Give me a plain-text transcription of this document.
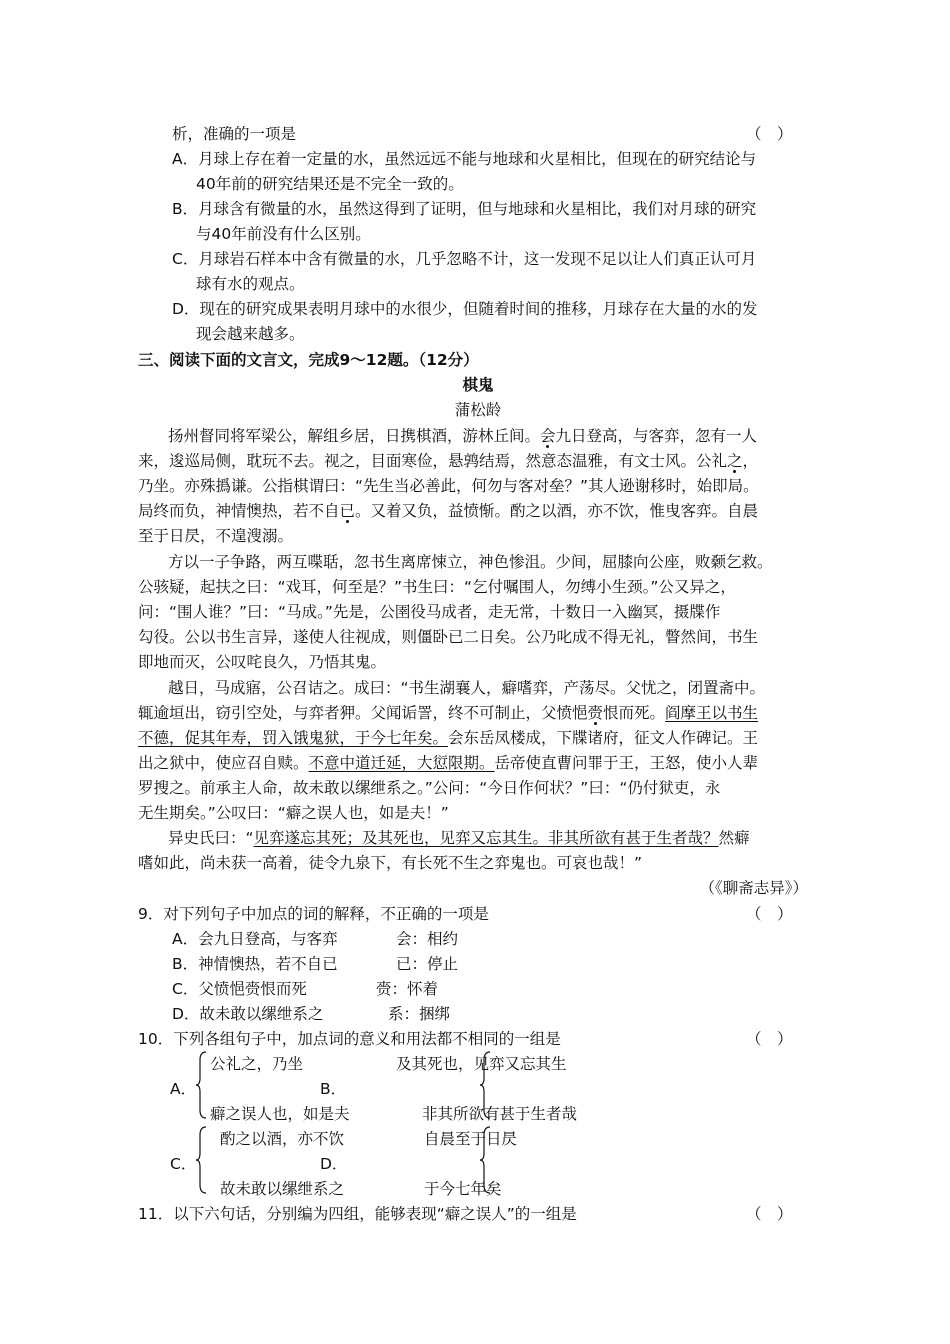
析，准确的一项是	（　）
A．月球上存在着一定量的水，虽然远远不能与地球和火星相比，但现在的研究结论与
40年前的研究结果还是不完全一致的。
B．月球含有微量的水，虽然这得到了证明，但与地球和火星相比，我们对月球的研究
与40年前没有什么区别。
C．月球岩石样本中含有微量的水，几乎忽略不计，这一发现不足以让人们真正认可月
球有水的观点。
D．现在的研究成果表明月球中的水很少，但随着时间的推移，月球存在大量的水的发
现会越来越多。
三、阅读下面的文言文，完成9～12题。（12分）
棋鬼
蒲松龄
扬州督同将军梁公，解组乡居，日携棋酒，游林丘间。会九日登高，与客弈，忽有一人
来，逡巡局侧，耽玩不去。视之，目面寒俭，悬鹑结焉，然意态温雅，有文士风。公礼之，
乃坐。亦殊撝谦。公指棋谓曰：“先生当必善此，何勿与客对垒？”其人逊谢移时，始即局。
局终而负，神情懊热，若不自已。又着又负，益愤惭。酌之以酒，亦不饮，惟曳客弈。自晨
至于日昃，不遑溲溺。
方以一子争路，两互喋聒，忽书生离席悚立，神色惨沮。少间，屈膝向公座，败颡乞救。
公骇疑，起扶之曰：“戏耳，何至是？”书生曰：“乞付嘱围人，勿缚小生颈。”公又异之，
问：“围人谁？”曰：“马成。”先是，公圉役马成者，走无常，十数日一入幽冥，摄牒作
勾役。公以书生言异，遂使人往视成，则僵卧已二日矣。公乃叱成不得无礼，瞥然间，书生
即地而灭，公叹咤良久，乃悟其鬼。
越日，马成寤，公召诘之。成曰：“书生湖襄人，癖嗜弈，产荡尽。父忧之，闭置斋中。
辄逾垣出，窃引空处，与弈者狎。父闻诟詈，终不可制止，父愤悒赍恨而死。阎摩王以书生
不德，促其年寿，罚入饿鬼狱，于今七年矣。会东岳凤楼成，下牒诸府，征文人作碑记。王
出之狱中，使应召自赎。不意中道迁延，大愆限期。岳帝使直曹问罪于王，王怒，使小人辈
罗搜之。前承主人命，故未敢以缧绁系之。”公问：“今日作何状？”曰：“仍付狱吏，永
无生期矣。”公叹曰：“癖之误人也，如是夫！”
异史氏曰：“见弈遂忘其死；及其死也，见弈又忘其生。非其所欲有甚于生者哉？然癖
嗜如此，尚未获一高着，徒令九泉下，有长死不生之弈鬼也。可哀也哉！”
（《聊斋志异》）
9．对下列句子中加点的词的解释，不正确的一项是	（　）
A．会九日登高，与客弈	会：相约
B．神情懊热，若不自已	已：停止
C．父愤悒赍恨而死	赍：怀着
D．故未敢以缧绁系之	系：捆绑
10．下列各组句子中，加点词的意义和用法都不相同的一组是	（　）
公礼之，乃坐	及其死也，见弈又忘其生
A．	B．
癖之误人也，如是夫	非其所欲有甚于生者哉
酌之以酒，亦不饮	自晨至于日昃
C．	D．
故未敢以缧绁系之	于今七年矣
11．以下六句话，分别编为四组，能够表现“癖之误人”的一组是	（　）
